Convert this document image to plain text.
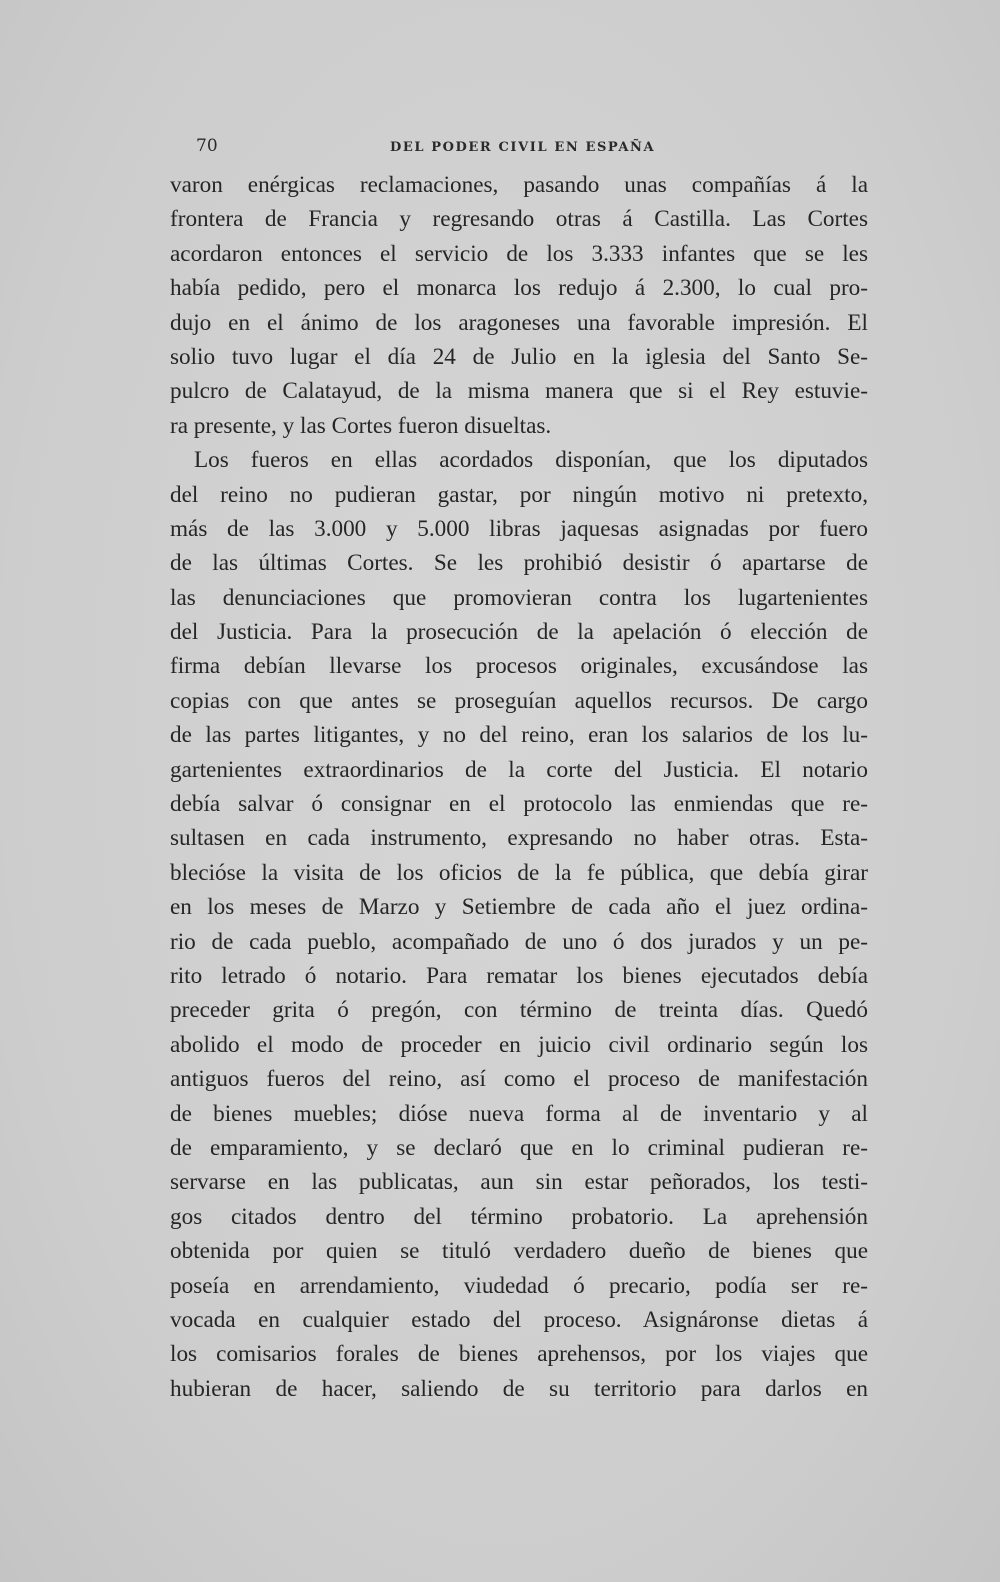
70	DEL PODER CIVIL EN ESPAÑA
varon enérgicas reclamaciones, pasando unas compañías á la
frontera de Francia y regresando otras á Castilla. Las Cortes
acordaron entonces el servicio de los 3.333 infantes que se les
había pedido, pero el monarca los redujo á 2.300, lo cual pro-
dujo en el ánimo de los aragoneses una favorable impresión. El
solio tuvo lugar el día 24 de Julio en la iglesia del Santo Se-
pulcro de Calatayud, de la misma manera que si el Rey estuvie-
ra presente, y las Cortes fueron disueltas.
Los fueros en ellas acordados disponían, que los diputados
del reino no pudieran gastar, por ningún motivo ni pretexto,
más de las 3.000 y 5.000 libras jaquesas asignadas por fuero
de las últimas Cortes. Se les prohibió desistir ó apartarse de
las denunciaciones que promovieran contra los lugartenientes
del Justicia. Para la prosecución de la apelación ó elección de
firma debían llevarse los procesos originales, excusándose las
copias con que antes se proseguían aquellos recursos. De cargo
de las partes litigantes, y no del reino, eran los salarios de los lu-
gartenientes extraordinarios de la corte del Justicia. El notario
debía salvar ó consignar en el protocolo las enmiendas que re-
sultasen en cada instrumento, expresando no haber otras. Esta-
blecióse la visita de los oficios de la fe pública, que debía girar
en los meses de Marzo y Setiembre de cada año el juez ordina-
rio de cada pueblo, acompañado de uno ó dos jurados y un pe-
rito letrado ó notario. Para rematar los bienes ejecutados debía
preceder grita ó pregón, con término de treinta días. Quedó
abolido el modo de proceder en juicio civil ordinario según los
antiguos fueros del reino, así como el proceso de manifestación
de bienes muebles; dióse nueva forma al de inventario y al
de emparamiento, y se declaró que en lo criminal pudieran re-
servarse en las publicatas, aun sin estar peñorados, los testi-
gos citados dentro del término probatorio. La aprehensión
obtenida por quien se tituló verdadero dueño de bienes que
poseía en arrendamiento, viudedad ó precario, podía ser re-
vocada en cualquier estado del proceso. Asignáronse dietas á
los comisarios forales de bienes aprehensos, por los viajes que
hubieran de hacer, saliendo de su territorio para darlos en
